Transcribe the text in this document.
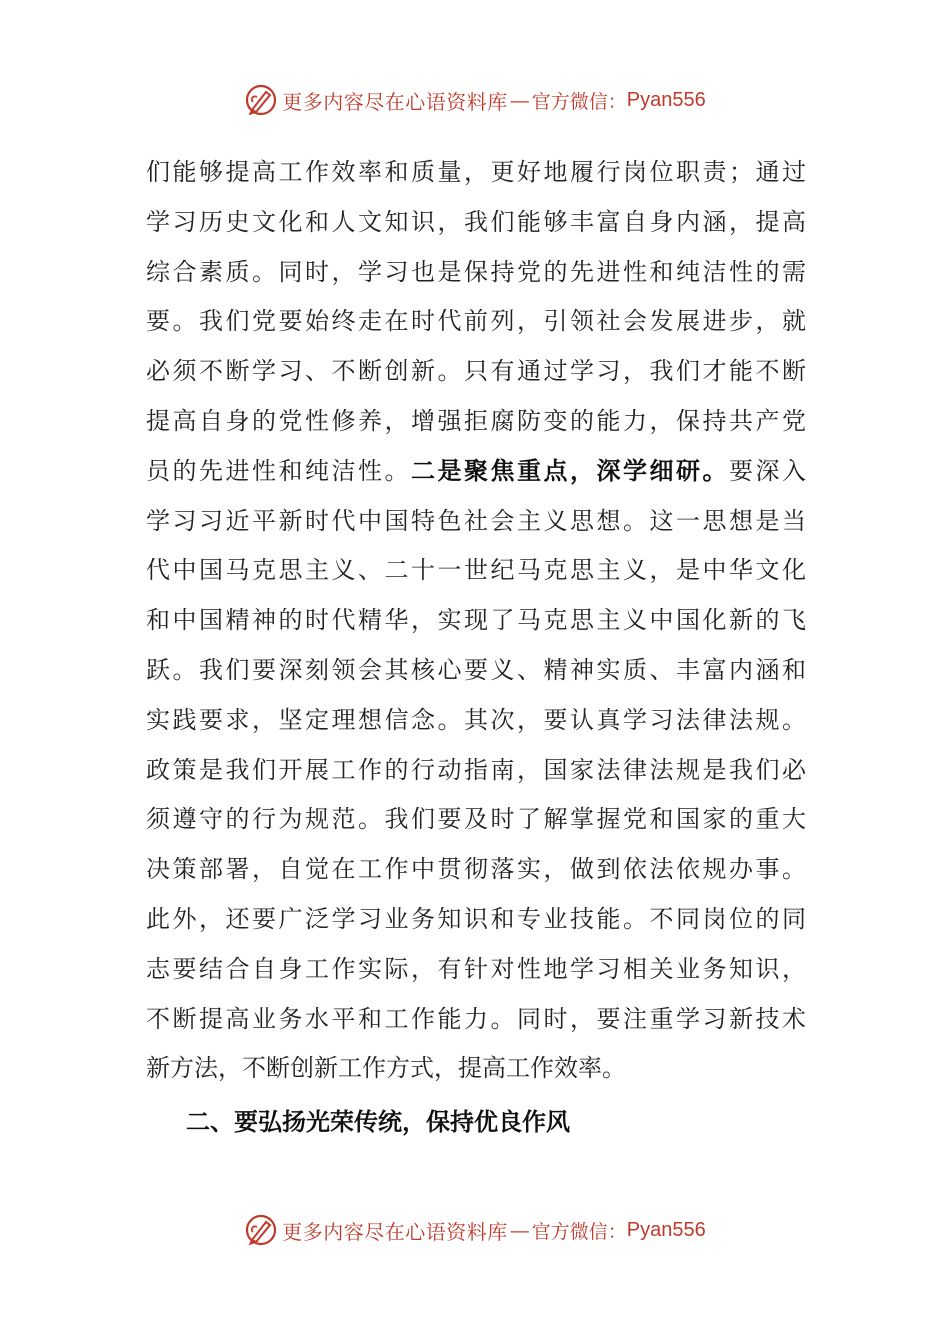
更多内容尽在心语资料库 — 官方微信： Pyan556
们能够提高工作效率和质量，更好地履行岗位职责；通过
学习历史文化和人文知识，我们能够丰富自身内涵，提高
综合素质。同时，学习也是保持党的先进性和纯洁性的需
要。我们党要始终走在时代前列，引领社会发展进步，就
必须不断学习、不断创新。只有通过学习，我们才能不断
提高自身的党性修养，增强拒腐防变的能力，保持共产党
员的先进性和纯洁性。二是聚焦重点，深学细研。要深入
学习习近平新时代中国特色社会主义思想。这一思想是当
代中国马克思主义、二十一世纪马克思主义，是中华文化
和中国精神的时代精华，实现了马克思主义中国化新的飞
跃。我们要深刻领会其核心要义、精神实质、丰富内涵和
实践要求，坚定理想信念。其次，要认真学习法律法规。
政策是我们开展工作的行动指南，国家法律法规是我们必
须遵守的行为规范。我们要及时了解掌握党和国家的重大
决策部署，自觉在工作中贯彻落实，做到依法依规办事。
此外，还要广泛学习业务知识和专业技能。不同岗位的同
志要结合自身工作实际，有针对性地学习相关业务知识，
不断提高业务水平和工作能力。同时，要注重学习新技术
新方法，不断创新工作方式，提高工作效率。
二、要弘扬光荣传统，保持优良作风
更多内容尽在心语资料库 — 官方微信： Pyan556
